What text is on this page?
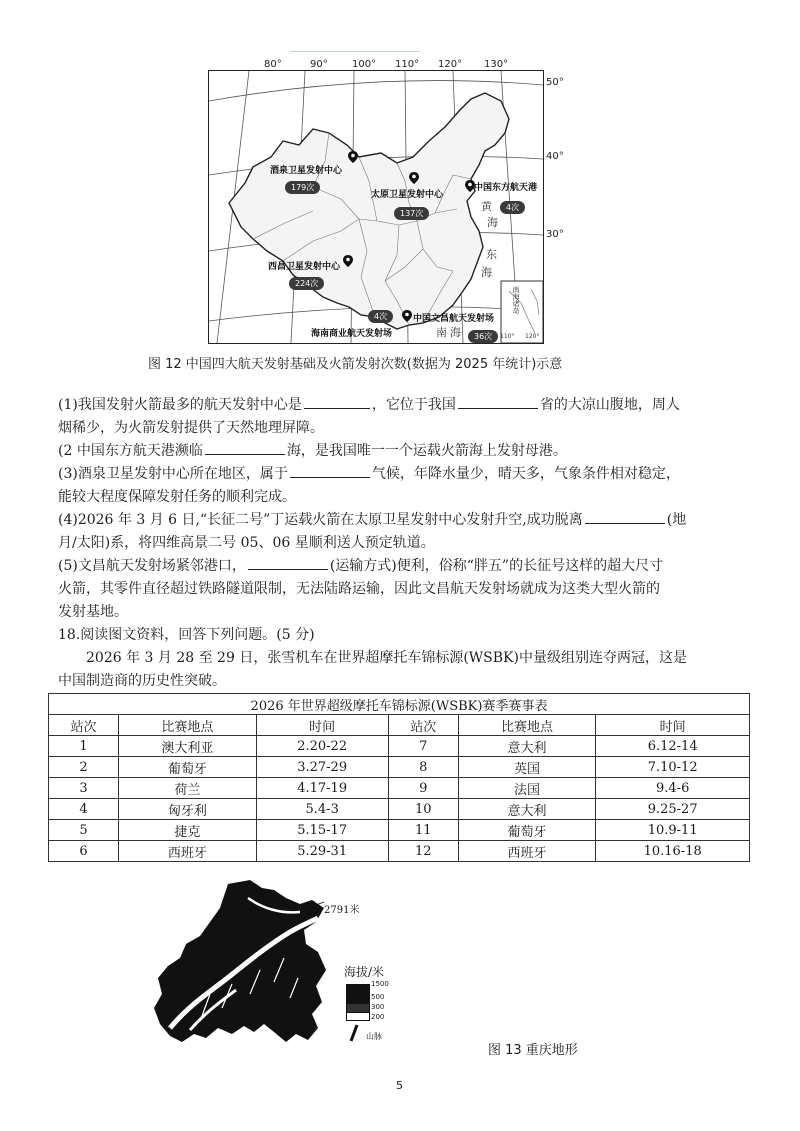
80°	90° 100° 110° 120° 130°
50°
40°
30°
酒泉卫星发射中心
179次
太原卫星发射中心
137次
中国东方航天港
4次
西昌卫星发射中心
224次
中国文昌航天发射场
36次
4次
海南商业航天发射场
黄
海
东
海
南 海
南海诸岛
110° 120°
图 12 中国四大航天发射基础及火箭发射次数(数据为 2025 年统计)示意
(1)我国发射火箭最多的航天发射中心是	，它位于我国	省的大凉山腹地，周人
烟稀少，为火箭发射提供了天然地理屏障。
(2 中国东方航天港濒临	海，是我国唯一一个运载火箭海上发射母港。
(3)酒泉卫星发射中心所在地区，属于	气候，年降水量少，晴天多，气象条件相对稳定，
能较大程度保障发射任务的顺利完成。
(4)2026 年 3 月 6 日,“长征二号”丁运载火箭在太原卫星发射中心发射升空,成功脱离	(地
月/太阳)系，将四维高景二号 05、06 星顺利送人预定轨道。
(5)文昌航天发射场紧邻港口，	(运输方式)便利，俗称“胖五”的长征号这样的超大尺寸
火箭，其零件直径超过铁路隧道限制，无法陆路运输，因此文昌航天发射场就成为这类大型火箭的
发射基地。
18.阅读图文资料，回答下列问题。(5 分)
2026 年 3 月 28 至 29 日，张雪机车在世界超摩托车锦标源(WSBK)中量级组别连夺两冠，这是

中国制造商的历史性突破。
2026 年世界超级摩托车锦标源(WSBK)赛季赛事表					
站次	比赛地点	时间	站次	比赛地点	时间
1	澳大利亚	2.20-22	7	意大利	6.12-14
2	葡萄牙	3.27-29	8	英国	7.10-12
3	荷兰	4.17-19	9	法国	9.4-6
4	匈牙利	5.4-3	10	意大利	9.25-27
5	捷克	5.15-17	11	葡萄牙	10.9-11
6	西班牙	5.29-31	12	西班牙	10.16-18
2791米
海拔/米
1500
500
300
200
山脉
图 13 重庆地形
5
